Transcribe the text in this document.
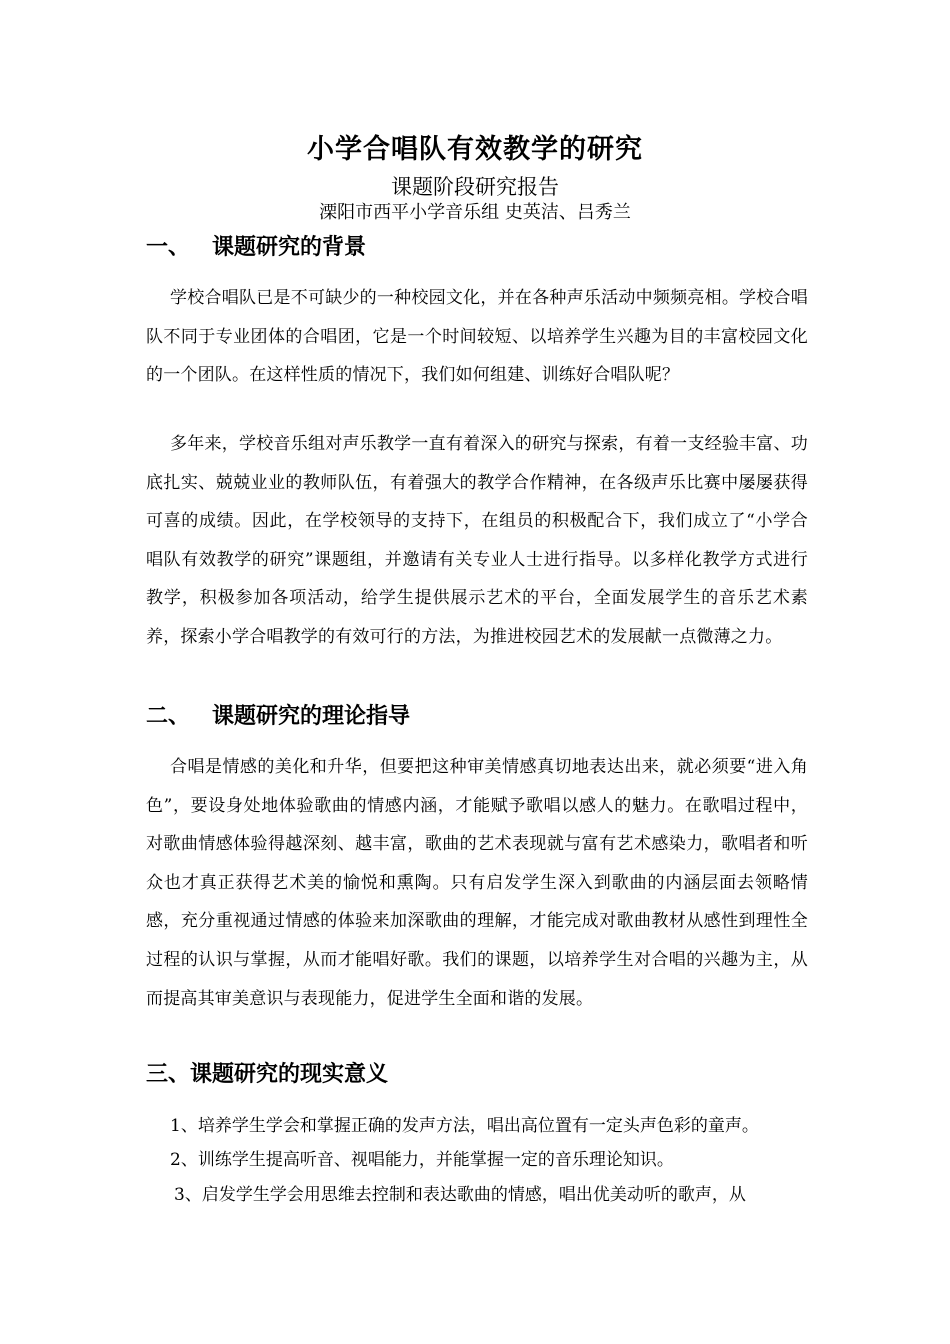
小学合唱队有效教学的研究
课题阶段研究报告
溧阳市西平小学音乐组 史英洁、吕秀兰
一、 课题研究的背景
学校合唱队已是不可缺少的一种校园文化，并在各种声乐活动中频频亮相。学校合唱队不同于专业团体的合唱团，它是一个时间较短、以培养学生兴趣为目的丰富校园文化的一个团队。在这样性质的情况下，我们如何组建、训练好合唱队呢？
多年来，学校音乐组对声乐教学一直有着深入的研究与探索，有着一支经验丰富、功底扎实、兢兢业业的教师队伍，有着强大的教学合作精神，在各级声乐比赛中屡屡获得可喜的成绩。因此，在学校领导的支持下，在组员的积极配合下，我们成立了“小学合唱队有效教学的研究”课题组，并邀请有关专业人士进行指导。以多样化教学方式进行教学，积极参加各项活动，给学生提供展示艺术的平台，全面发展学生的音乐艺术素养，探索小学合唱教学的有效可行的方法，为推进校园艺术的发展献一点微薄之力。
二、 课题研究的理论指导
合唱是情感的美化和升华，但要把这种审美情感真切地表达出来，就必须要“进入角色”，要设身处地体验歌曲的情感内涵，才能赋予歌唱以感人的魅力。在歌唱过程中，对歌曲情感体验得越深刻、越丰富，歌曲的艺术表现就与富有艺术感染力，歌唱者和听众也才真正获得艺术美的愉悦和熏陶。只有启发学生深入到歌曲的内涵层面去领略情感，充分重视通过情感的体验来加深歌曲的理解，才能完成对歌曲教材从感性到理性全过程的认识与掌握，从而才能唱好歌。我们的课题，以培养学生对合唱的兴趣为主，从而提高其审美意识与表现能力，促进学生全面和谐的发展。
三、课题研究的现实意义
1、培养学生学会和掌握正确的发声方法，唱出高位置有一定头声色彩的童声。
2、训练学生提高听音、视唱能力，并能掌握一定的音乐理论知识。
3、启发学生学会用思维去控制和表达歌曲的情感，唱出优美动听的歌声，从
